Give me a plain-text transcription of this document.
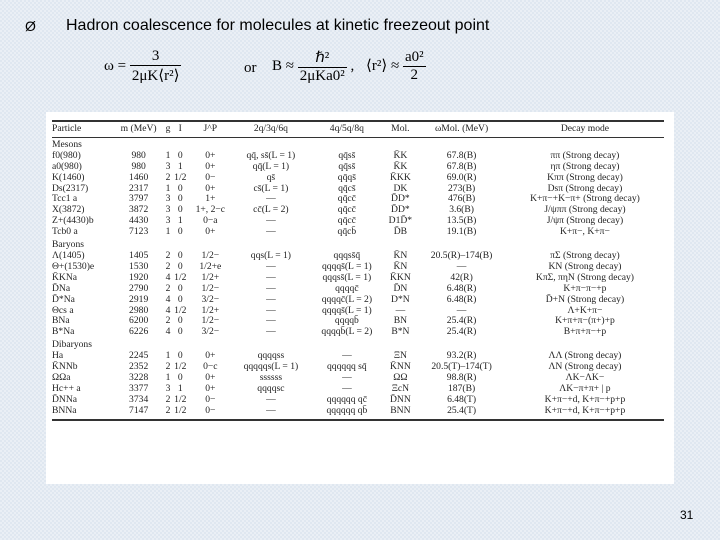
Ø Hadron coalescence for molecules at kinetic freezeout point
$\omega = \frac{3}{\text{2μK⟨r²⟩}}$	or $B \approx \frac{\text{ℏ²}}{\text{2μKa0²}}$ , ⟨r²⟩ ≈ $\frac{\text{a0²}}{2}$
Particle	m (MeV)	g	I	J^P	2q/3q/6q	4q/5q/8q	Mol.	ωMol. (MeV)	Decay mode
Mesons									
f0(980)	980	1	0	0+	qq̄, ss̄(L = 1)	qq̄ss̄	K̄K	67.8(B)	ππ (Strong decay)
a0(980)	980	3	1	0+	qq̄(L = 1)	qq̄ss̄	K̄K	67.8(B)	ηπ (Strong decay)
K(1460)	1460	2	1/2	0−	qs̄	qq̄qs̄	K̄KK	69.0(R)	Kππ (Strong decay)
Ds(2317)	2317	1	0	0+	cs̄(L = 1)	qq̄cs̄	DK	273(B)	Dsπ (Strong decay)
Tcc1 a	3797	3	0	1+	—	qq̄cc̄	D̄D*	476(B)	K+π−+K−π+ (Strong decay)
X(3872)	3872	3	0	1+, 2−c	cc̄(L = 2)	qq̄cc̄	D̄D*	3.6(B)	J/ψππ (Strong decay)
Z+(4430)b	4430	3	1	0−a	—	qq̄cc̄	D1D̄*	13.5(B)	J/ψπ (Strong decay)
Tcb0 a	7123	1	0	0+	—	qq̄cb̄	D̄B	19.1(B)	K+π−, K+π−
Baryons									
Λ(1405)	1405	2	0	1/2−	qqs(L = 1)	qqqss̄q̄	K̄N	20.5(R)–174(B)	πΣ (Strong decay)
Θ+(1530)e	1530	2	0	1/2+e	—	qqqqs̄(L = 1)	K̄N	—	KN (Strong decay)
K̄KNa	1920	4	1/2	1/2+	—	qqqss̄(L = 1)	K̄KN	42(R)	KπΣ, πηN (Strong decay)
D̄Na	2790	2	0	1/2−	—	qqqqc̄	D̄N	6.48(R)	K+π−π−+p
D̄*Na	2919	4	0	3/2−	—	qqqqc̄(L = 2)	D*N	6.48(R)	D̄+N (Strong decay)
Θcs a	2980	4	1/2	1/2+	—	qqqqs̄(L = 1)	—	—	Λ+K+π−
BNa	6200	2	0	1/2−	—	qqqqb̄	BN	25.4(R)	K+π+π−(π+)+p
B*Na	6226	4	0	3/2−	—	qqqqb̄(L = 2)	B*N	25.4(R)	B+π+π−+p
Dibaryons									
Ha	2245	1	0	0+	qqqqss	—	ΞN	93.2(R)	ΛΛ (Strong decay)
K̄NNb	2352	2	1/2	0−c	qqqqqs(L = 1)	qqqqqq sq̄	K̄NN	20.5(T)–174(T)	ΛN (Strong decay)
ΩΩa	3228	1	0	0+	ssssss	—	ΩΩ	98.8(R)	ΛK−ΛK−
Hc++ a	3377	3	1	0+	qqqqsc	—	ΞcN	187(B)	ΛK−π+π+ | p
D̄NNa	3734	2	1/2	0−	—	qqqqqq qc̄	D̄NN	6.48(T)	K+π−+d, K+π−+p+p
BNNa	7147	2	1/2	0−	—	qqqqqq qb̄	BNN	25.4(T)	K+π−+d, K+π−+p+p
31
